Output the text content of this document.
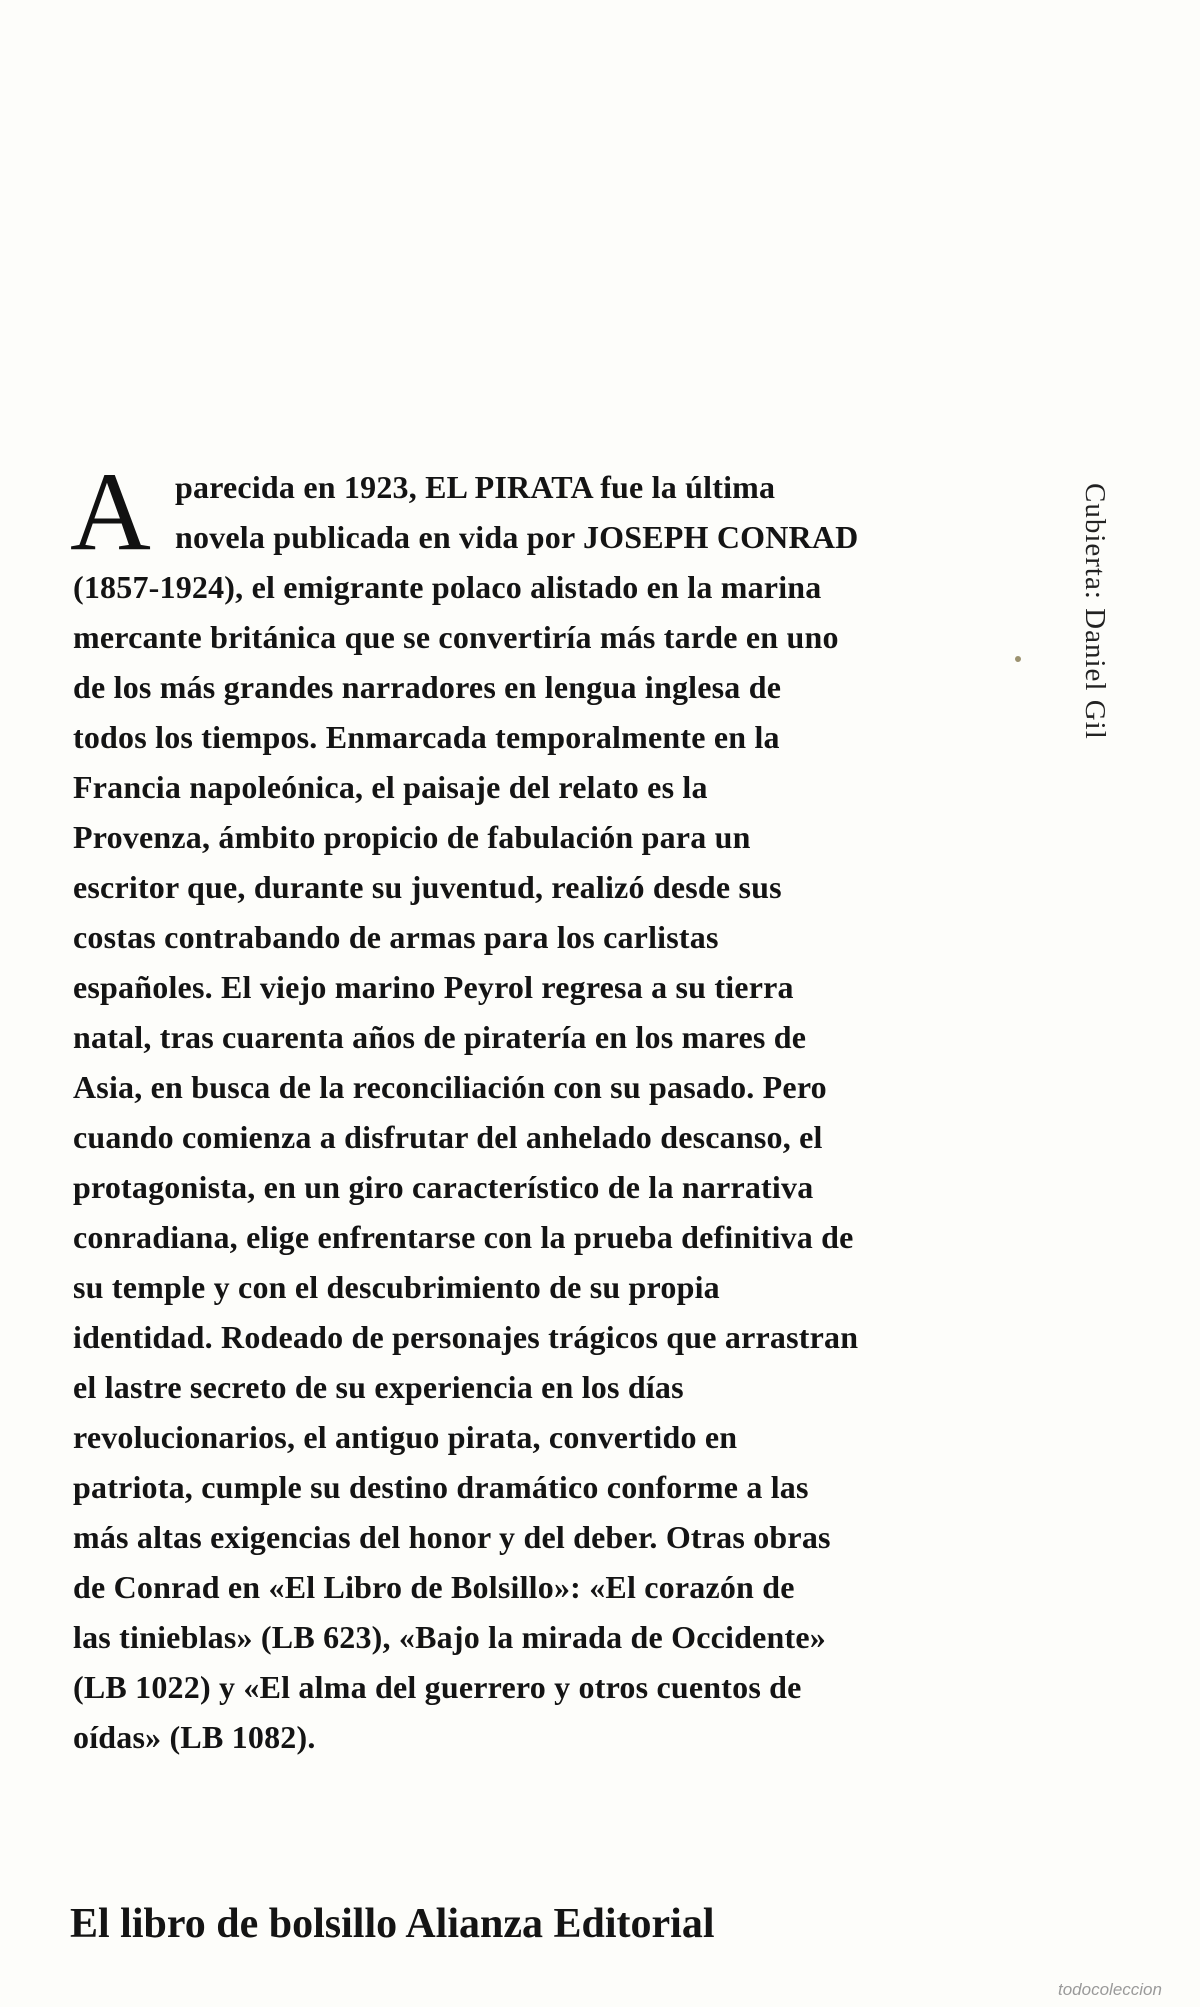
A parecida en 1923, EL PIRATA fue la última
novela publicada en vida por JOSEPH CONRAD
(1857-1924), el emigrante polaco alistado en la marina
mercante británica que se convertiría más tarde en uno
de los más grandes narradores en lengua inglesa de
todos los tiempos. Enmarcada temporalmente en la
Francia napoleónica, el paisaje del relato es la
Provenza, ámbito propicio de fabulación para un
escritor que, durante su juventud, realizó desde sus
costas contrabando de armas para los carlistas
españoles. El viejo marino Peyrol regresa a su tierra
natal, tras cuarenta años de piratería en los mares de
Asia, en busca de la reconciliación con su pasado. Pero
cuando comienza a disfrutar del anhelado descanso, el
protagonista, en un giro característico de la narrativa
conradiana, elige enfrentarse con la prueba definitiva de
su temple y con el descubrimiento de su propia
identidad. Rodeado de personajes trágicos que arrastran
el lastre secreto de su experiencia en los días
revolucionarios, el antiguo pirata, convertido en
patriota, cumple su destino dramático conforme a las
más altas exigencias del honor y del deber. Otras obras
de Conrad en «El Libro de Bolsillo»: «El corazón de
las tinieblas» (LB 623), «Bajo la mirada de Occidente»
(LB 1022) y «El alma del guerrero y otros cuentos de
oídas» (LB 1082).
Cubierta: Daniel Gil
El libro de bolsillo Alianza Editorial
todocoleccion
